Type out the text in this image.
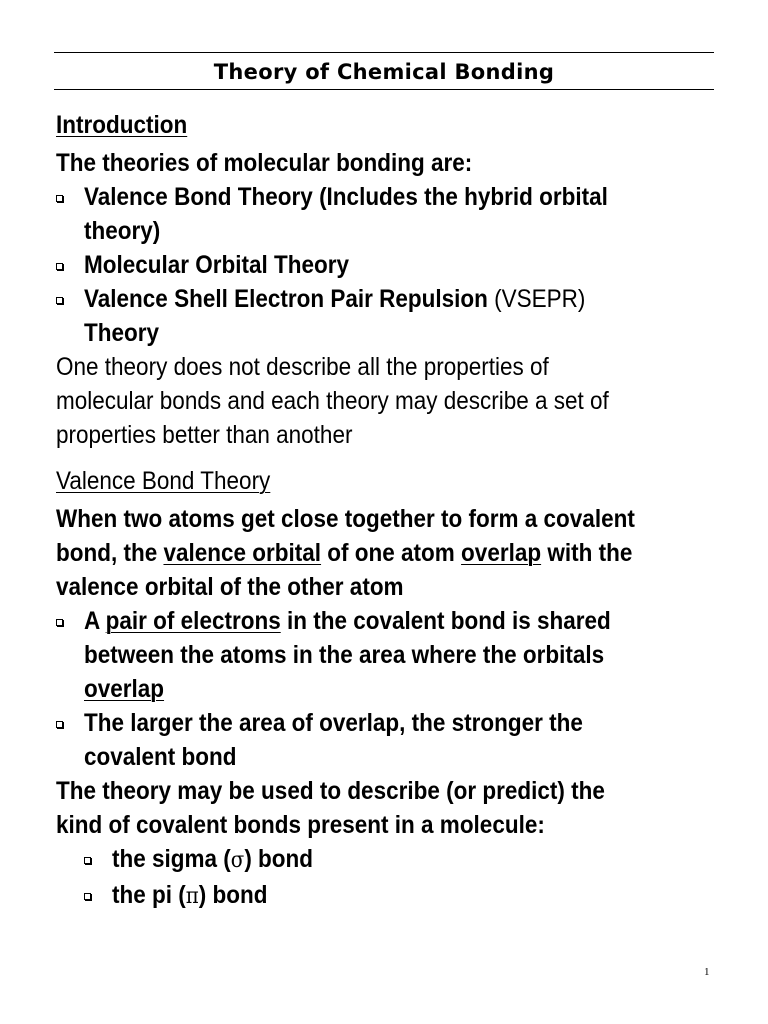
Theory of Chemical Bonding
Introduction
The theories of molecular bonding are:
Valence Bond Theory (Includes the hybrid orbital
theory)
Molecular Orbital Theory
Valence Shell Electron Pair Repulsion (VSEPR)
Theory
One theory does not describe all the properties of
molecular bonds and each theory may describe a set of
properties better than another
Valence Bond Theory
When two atoms get close together to form a covalent
bond, the valence orbital of one atom overlap with the
valence orbital of the other atom
A pair of electrons in the covalent bond is shared
between the atoms in the area where the orbitals
overlap
The larger the area of overlap, the stronger the
covalent bond
The theory may be used to describe (or predict) the
kind of covalent bonds present in a molecule:
the sigma (σ) bond
the pi (π) bond
1
